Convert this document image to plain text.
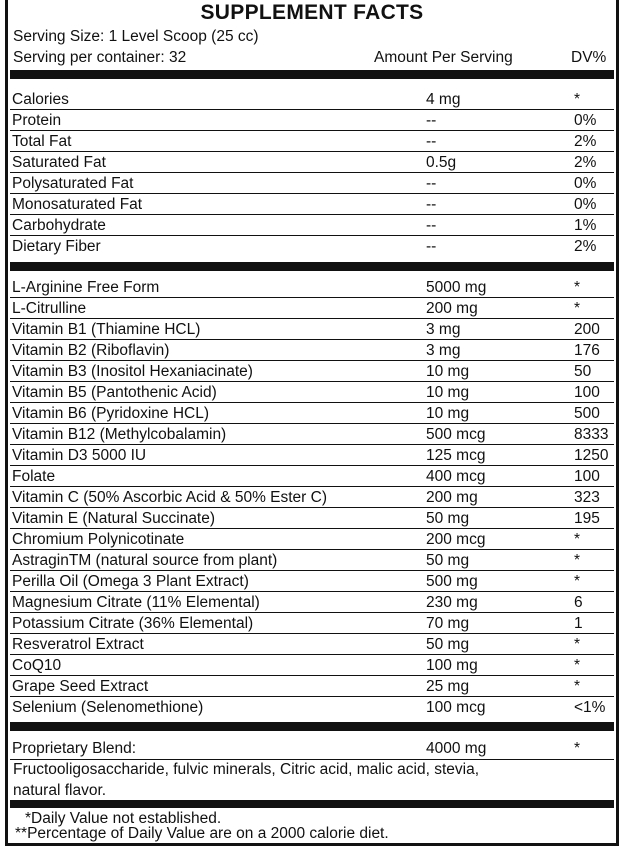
SUPPLEMENT FACTS
Serving Size: 1 Level Scoop (25 cc)
Serving per container: 32	Amount Per Serving	DV%
Calories	4 mg	*
Protein	--	0%
Total Fat	--	2%
Saturated Fat	0.5g	2%
Polysaturated Fat	--	0%
Monosaturated Fat	--	0%
Carbohydrate	--	1%
Dietary Fiber	--	2%
L-Arginine Free Form	5000 mg	*
L-Citrulline	200 mg	*
Vitamin B1 (Thiamine HCL)	3 mg	200
Vitamin B2 (Riboflavin)	3 mg	176
Vitamin B3 (Inositol Hexaniacinate)	10 mg	50
Vitamin B5 (Pantothenic Acid)	10 mg	100
Vitamin B6 (Pyridoxine HCL)	10 mg	500
Vitamin B12 (Methylcobalamin)	500 mcg	8333
Vitamin D3 5000 IU	125 mcg	1250
Folate	400 mcg	100
Vitamin C (50% Ascorbic Acid & 50% Ester C)	200 mg	323
Vitamin E (Natural Succinate)	50 mg	195
Chromium Polynicotinate	200 mcg	*
AstraginTM (natural source from plant)	50 mg	*
Perilla Oil (Omega 3 Plant Extract)	500 mg	*
Magnesium Citrate (11% Elemental)	230 mg	6
Potassium Citrate (36% Elemental)	70 mg	1
Resveratrol Extract	50 mg	*
CoQ10	100 mg	*
Grape Seed Extract	25 mg	*
Selenium (Selenomethione)	100 mcg	<1%
Proprietary Blend:	4000 mg	*
Fructooligosaccharide, fulvic minerals, Citric acid, malic acid, stevia,
natural flavor.
*Daily Value not established.
**Percentage of Daily Value are on a 2000 calorie diet.
